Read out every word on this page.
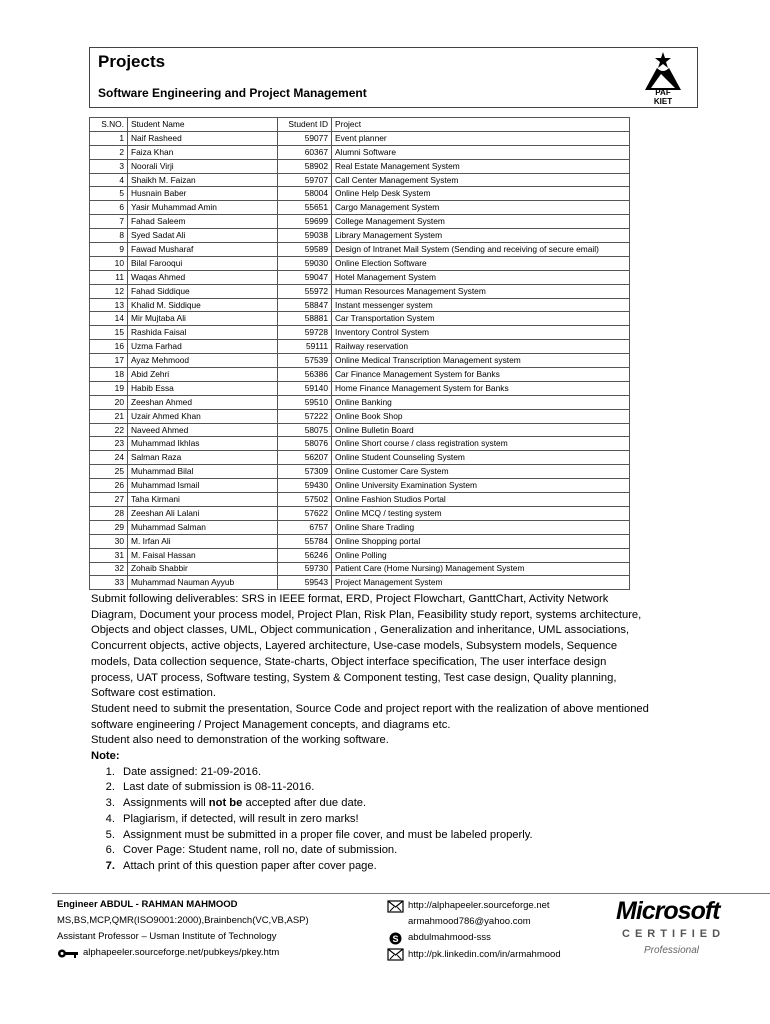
Projects
Software Engineering and Project Management	PAF
KIET
S.NO.	Student Name	Student ID	Project
1	Naif Rasheed	59077	Event planner
2	Faiza Khan	60367	Alumni Software
3	Noorali Virji	58902	Real Estate Management System
4	Shaikh M. Faizan	59707	Call Center Management System
5	Husnain Baber	58004	Online Help Desk System
6	Yasir Muhammad Amin	55651	Cargo Management System
7	Fahad Saleem	59699	College Management System
8	Syed Sadat Ali	59038	Library Management System
9	Fawad Musharaf	59589	Design of Intranet Mail System (Sending and receiving of secure email)
10	Bilal Farooqui	59030	Online Election Software
11	Waqas Ahmed	59047	Hotel Management System
12	Fahad Siddique	55972	Human Resources Management System
13	Khalid M. Siddique	58847	Instant messenger system
14	Mir Mujtaba Ali	58881	Car Transportation System
15	Rashida Faisal	59728	Inventory Control System
16	Uzma Farhad	59111	Railway reservation
17	Ayaz Mehmood	57539	Online Medical Transcription Management system
18	Abid Zehri	56386	Car Finance Management System for Banks
19	Habib Essa	59140	Home Finance Management System for Banks
20	Zeeshan Ahmed	59510	Online Banking
21	Uzair Ahmed Khan	57222	Online Book Shop
22	Naveed Ahmed	58075	Online Bulletin Board
23	Muhammad Ikhlas	58076	Online Short course / class registration system
24	Salman Raza	56207	Online Student Counseling System
25	Muhammad Bilal	57309	Online Customer Care System
26	Muhammad Ismail	59430	Online University Examination System
27	Taha Kirmani	57502	Online Fashion Studios Portal
28	Zeeshan Ali Lalani	57622	Online MCQ / testing system
29	Muhammad Salman	6757	Online Share Trading
30	M. Irfan Ali	55784	Online Shopping portal
31	M. Faisal Hassan	56246	Online Polling
32	Zohaib Shabbir	59730	Patient Care (Home Nursing) Management System
33	Muhammad Nauman Ayyub	59543	Project Management System

Submit following deliverables: SRS in IEEE format, ERD, Project Flowchart, GanttChart, Activity Network Diagram, Document your process model, Project Plan, Risk Plan, Feasibility study report, systems architecture, Objects and object classes, UML, Object communication , Generalization and inheritance, UML associations, Concurrent objects, active objects, Layered architecture, Use-case models, Subsystem models, Sequence models, Data collection sequence, State-charts, Object interface specification, The user interface design process, UAT process, Software testing, System & Component testing, Test case design, Quality planning, Software cost estimation.

Student need to submit the presentation, Source Code and project report with the realization of above mentioned software engineering / Project Management concepts, and diagrams etc.

Student also need to demonstration of the working software.

Note:

1. Date assigned: 21-09-2016.
2. Last date of submission is 08-11-2016.
3. Assignments will not be accepted after due date.
4. Plagiarism, if detected, will result in zero marks!
5. Assignment must be submitted in a proper file cover, and must be labeled properly.
6. Cover Page: Student name, roll no, date of submission.
7. Attach print of this question paper after cover page.
Engineer ABDUL - RAHMAN MAHMOOD
MS,BS,MCP,QMR(ISO9001:2000),Brainbench(VC,VB,ASP)
Assistant Professor – Usman Institute of Technology
alphapeeler.sourceforge.net/pubkeys/pkey.htm
http://alphapeeler.sourceforge.net
armahmood786@yahoo.com
S abdulmahmood-sss
http://pk.linkedin.com/in/armahmood
Microsoft
CERTIFIED
Professional
